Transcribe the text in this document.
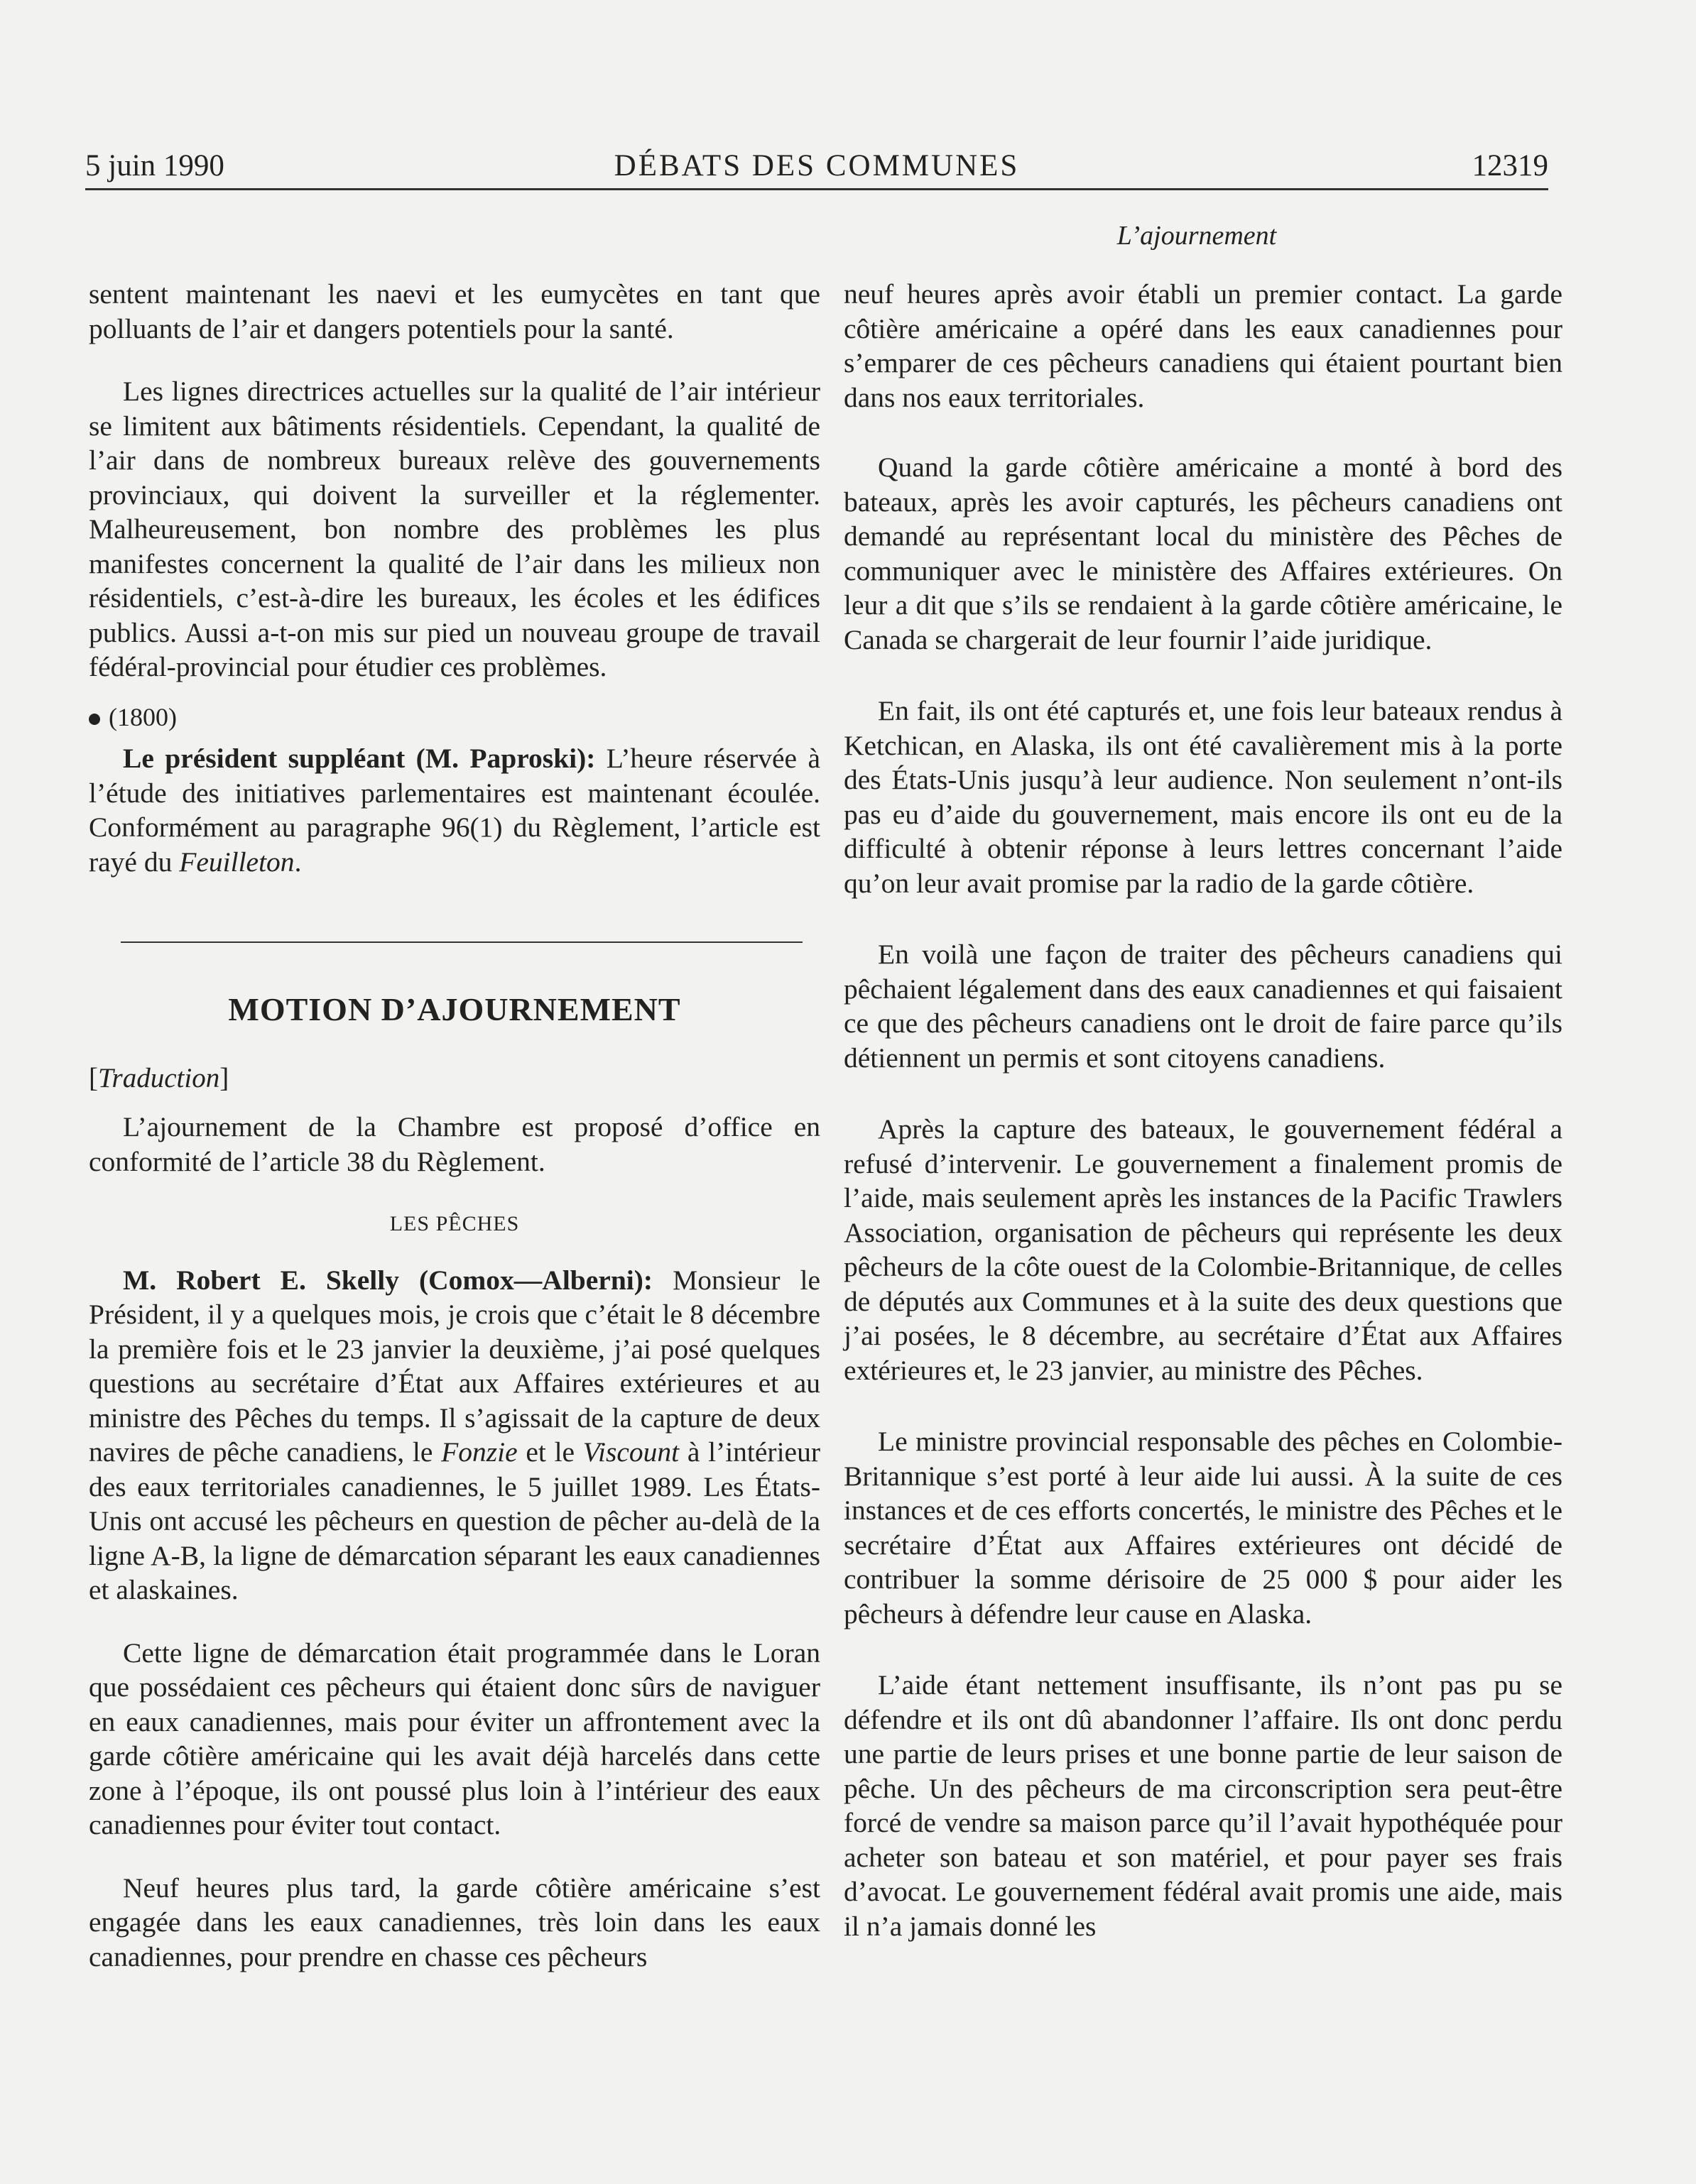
5 juin 1990	DÉBATS DES COMMUNES	12319
L’ajournement

sentent maintenant les naevi et les eumycètes en tant que polluants de l’air et dangers potentiels pour la santé.

Les lignes directrices actuelles sur la qualité de l’air intérieur se limitent aux bâtiments résidentiels. Cependant, la qualité de l’air dans de nombreux bureaux relève des gouvernements provinciaux, qui doivent la surveiller et la réglementer. Malheureusement, bon nombre des problèmes les plus manifestes concernent la qualité de l’air dans les milieux non résidentiels, c’est-à-dire les bureaux, les écoles et les édifices publics. Aussi a-t-on mis sur pied un nouveau groupe de travail fédéral-provincial pour étudier ces problèmes.

(1800)

Le président suppléant (M. Paproski): L’heure réservée à l’étude des initiatives parlementaires est maintenant écoulée. Conformément au paragraphe 96(1) du Règlement, l’article est rayé du Feuilleton.

MOTION D’AJOURNEMENT
[Traduction]

L’ajournement de la Chambre est proposé d’office en conformité de l’article 38 du Règlement.

LES PÊCHES

M. Robert E. Skelly (Comox—Alberni): Monsieur le Président, il y a quelques mois, je crois que c’était le 8 décembre la première fois et le 23 janvier la deuxième, j’ai posé quelques questions au secrétaire d’État aux Affaires extérieures et au ministre des Pêches du temps. Il s’agissait de la capture de deux navires de pêche canadiens, le Fonzie et le Viscount à l’intérieur des eaux territoriales canadiennes, le 5 juillet 1989. Les États-Unis ont accusé les pêcheurs en question de pêcher au-delà de la ligne A-B, la ligne de démarcation séparant les eaux canadiennes et alaskaines.

Cette ligne de démarcation était programmée dans le Loran que possédaient ces pêcheurs qui étaient donc sûrs de naviguer en eaux canadiennes, mais pour éviter un affrontement avec la garde côtière américaine qui les avait déjà harcelés dans cette zone à l’époque, ils ont poussé plus loin à l’intérieur des eaux canadiennes pour éviter tout contact.

Neuf heures plus tard, la garde côtière américaine s’est engagée dans les eaux canadiennes, très loin dans les eaux canadiennes, pour prendre en chasse ces pêcheurs

neuf heures après avoir établi un premier contact. La garde côtière américaine a opéré dans les eaux canadiennes pour s’emparer de ces pêcheurs canadiens qui étaient pourtant bien dans nos eaux territoriales.

Quand la garde côtière américaine a monté à bord des bateaux, après les avoir capturés, les pêcheurs canadiens ont demandé au représentant local du ministère des Pêches de communiquer avec le ministère des Affaires extérieures. On leur a dit que s’ils se rendaient à la garde côtière américaine, le Canada se chargerait de leur fournir l’aide juridique.

En fait, ils ont été capturés et, une fois leur bateaux rendus à Ketchican, en Alaska, ils ont été cavalièrement mis à la porte des États-Unis jusqu’à leur audience. Non seulement n’ont-ils pas eu d’aide du gouvernement, mais encore ils ont eu de la difficulté à obtenir réponse à leurs lettres concernant l’aide qu’on leur avait promise par la radio de la garde côtière.

En voilà une façon de traiter des pêcheurs canadiens qui pêchaient légalement dans des eaux canadiennes et qui faisaient ce que des pêcheurs canadiens ont le droit de faire parce qu’ils détiennent un permis et sont citoyens canadiens.

Après la capture des bateaux, le gouvernement fédéral a refusé d’intervenir. Le gouvernement a finalement promis de l’aide, mais seulement après les instances de la Pacific Trawlers Association, organisation de pêcheurs qui représente les deux pêcheurs de la côte ouest de la Colombie-Britannique, de celles de députés aux Communes et à la suite des deux questions que j’ai posées, le 8 décembre, au secrétaire d’État aux Affaires extérieures et, le 23 janvier, au ministre des Pêches.

Le ministre provincial responsable des pêches en Colombie-Britannique s’est porté à leur aide lui aussi. À la suite de ces instances et de ces efforts concertés, le ministre des Pêches et le secrétaire d’État aux Affaires extérieures ont décidé de contribuer la somme dérisoire de 25 000 $ pour aider les pêcheurs à défendre leur cause en Alaska.

L’aide étant nettement insuffisante, ils n’ont pas pu se défendre et ils ont dû abandonner l’affaire. Ils ont donc perdu une partie de leurs prises et une bonne partie de leur saison de pêche. Un des pêcheurs de ma circonscription sera peut-être forcé de vendre sa maison parce qu’il l’avait hypothéquée pour acheter son bateau et son matériel, et pour payer ses frais d’avocat. Le gouvernement fédéral avait promis une aide, mais il n’a jamais donné les
